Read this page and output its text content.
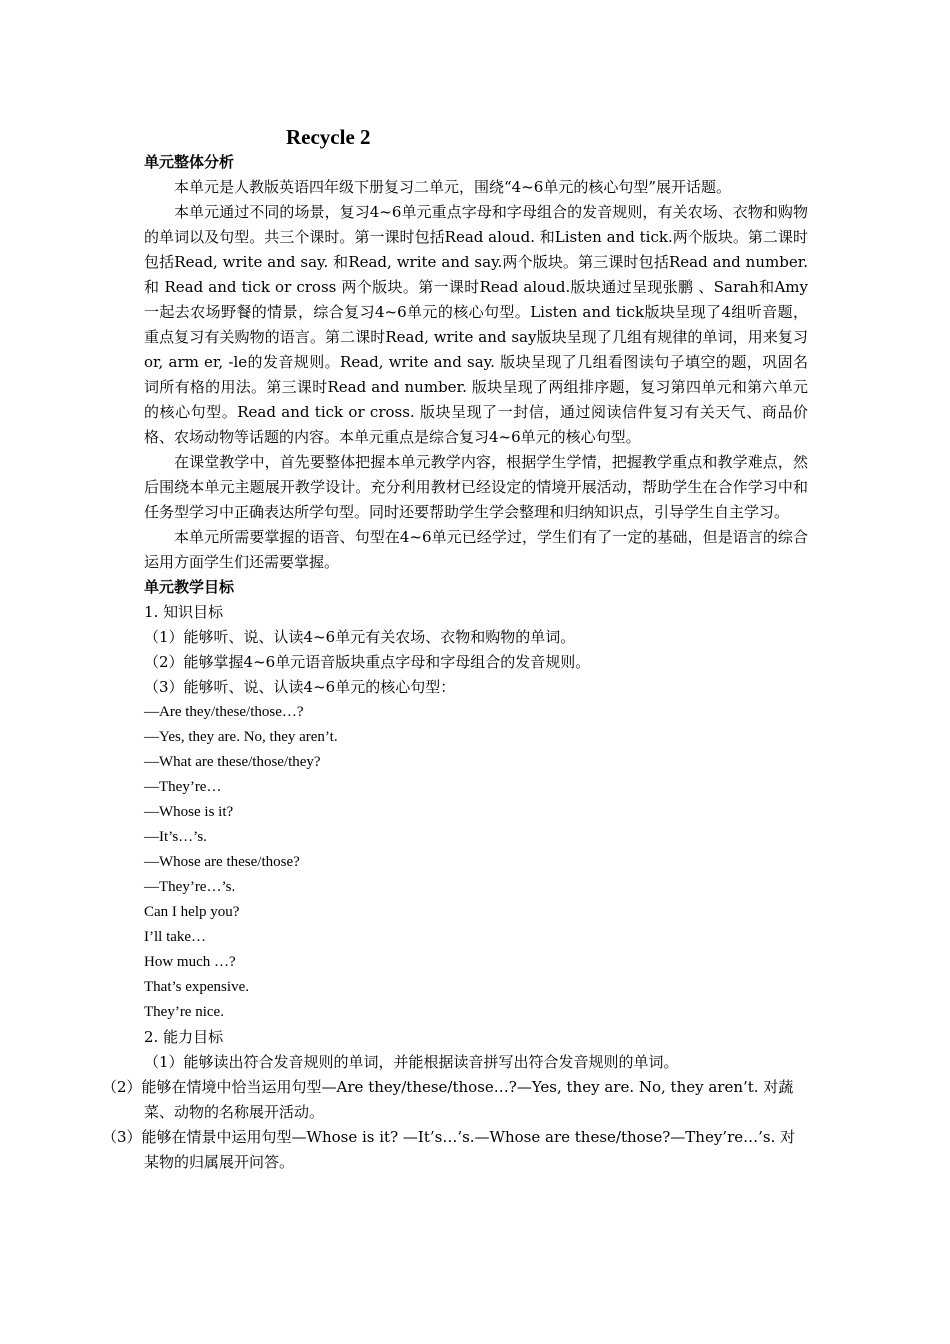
Recycle 2
单元整体分析
本单元是人教版英语四年级下册复习二单元，围绕“4~6单元的核心句型”展开话题。
本单元通过不同的场景，复习4~6单元重点字母和字母组合的发音规则，有关农场、衣物和购物的单词以及句型。共三个课时。第一课时包括Read aloud. 和Listen and tick.两个版块。第二课时包括Read, write and say. 和Read, write and say.两个版块。第三课时包括Read and number. 和 Read and tick or cross 两个版块。第一课时Read aloud.版块通过呈现张鹏 、Sarah和Amy一起去农场野餐的情景，综合复习4~6单元的核心句型。Listen and tick版块呈现了4组听音题，重点复习有关购物的语言。第二课时Read, write and say版块呈现了几组有规律的单词，用来复习or, arm er, -le的发音规则。Read, write and say. 版块呈现了几组看图读句子填空的题，巩固名词所有格的用法。第三课时Read and number. 版块呈现了两组排序题，复习第四单元和第六单元的核心句型。Read and tick or cross. 版块呈现了一封信，通过阅读信件复习有关天气、商品价格、农场动物等话题的内容。本单元重点是综合复习4~6单元的核心句型。
在课堂教学中，首先要整体把握本单元教学内容，根据学生学情，把握教学重点和教学难点，然后围绕本单元主题展开教学设计。充分利用教材已经设定的情境开展活动，帮助学生在合作学习中和任务型学习中正确表达所学句型。同时还要帮助学生学会整理和归纳知识点，引导学生自主学习。
本单元所需要掌握的语音、句型在4~6单元已经学过，学生们有了一定的基础，但是语言的综合运用方面学生们还需要掌握。
单元教学目标
1. 知识目标
（1）能够听、说、认读4~6单元有关农场、衣物和购物的单词。
（2）能够掌握4~6单元语音版块重点字母和字母组合的发音规则。
（3）能够听、说、认读4~6单元的核心句型：
—Are they/these/those…?
—Yes, they are. No, they aren’t.
—What are these/those/they?
—They’re…
—Whose is it?
—It’s…’s.
—Whose are these/those?
—They’re…’s.
Can I help you?
I’ll take…
How much …?
That’s expensive.
They’re nice.
2. 能力目标
（1）能够读出符合发音规则的单词，并能根据读音拼写出符合发音规则的单词。
（2）能够在情境中恰当运用句型—Are they/these/those…?—Yes, they are. No, they aren’t. 对蔬菜、动物的名称展开活动。
（3）能够在情景中运用句型—Whose is it? —It’s…’s.—Whose are these/those?—They’re…’s. 对某物的归属展开问答。
